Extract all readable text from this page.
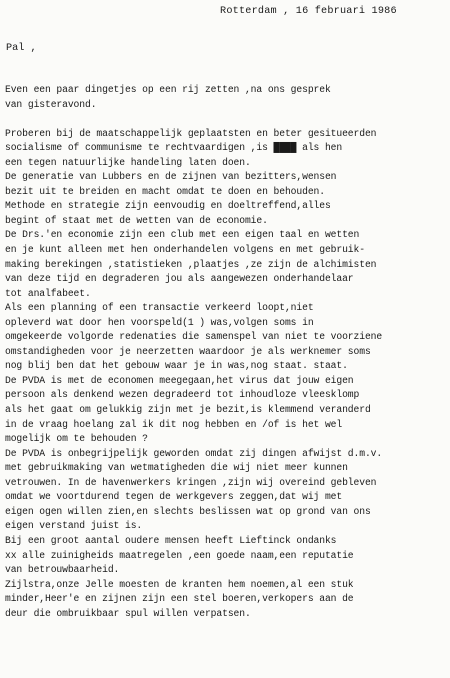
Rotterdam , 16 februari 1986
Pal ,
Even een paar dingetjes op een rij zetten ,na ons gesprek
van gisteravond.
Proberen bij de maatschappelijk geplaatsten en beter gesitueerden
socialisme of communisme te rechtvaardigen ,is ████ als hen
een tegen natuurlijke handeling laten doen.
De generatie van Lubbers en de zijnen van bezitters,wensen
bezit uit te breiden en macht omdat te doen en behouden.
Methode en strategie zijn eenvoudig en doeltreffend,alles
begint of staat met de wetten van de economie.
De Drs.'en economie zijn een club met een eigen taal en wetten
en je kunt alleen met hen onderhandelen volgens en met gebruik-
making berekingen ,statistieken ,plaatjes ,ze zijn de alchimisten
van deze tijd en degraderen jou als aangewezen onderhandelaar
tot analfabeet.
Als een planning of een transactie verkeerd loopt,niet
opleverd wat door hen voorspeld(1 ) was,volgen soms in
omgekeerde volgorde redenaties die samenspel van niet te voorziene
omstandigheden voor je neerzetten waardoor je als werknemer soms
nog blij ben dat het gebouw waar je in was,nog staat. staat.
De PVDA is met de economen meegegaan,het virus dat jouw eigen
persoon als denkend wezen degradeerd tot inhoudloze vleesklomp
als het gaat om gelukkig zijn met je bezit,is klemmend veranderd
in de vraag hoelang zal ik dit nog hebben en /of is het wel
mogelijk om te behouden ?
De PVDA is onbegrijpelijk geworden omdat zij dingen afwijst d.m.v.
met gebruikmaking van wetmatigheden die wij niet meer kunnen
vetrouwen. In de havenwerkers kringen ,zijn wij overeind gebleven
omdat we voortdurend tegen de werkgevers zeggen,dat wij met
eigen ogen willen zien,en slechts beslissen wat op grond van ons
eigen verstand juist is.
Bij een groot aantal oudere mensen heeft Lieftinck ondanks
xx alle zuinigheids maatregelen ,een goede naam,een reputatie
van betrouwbaarheid.
Zijlstra,onze Jelle moesten de kranten hem noemen,al een stuk
minder,Heer'e en zijnen zijn een stel boeren,verkopers aan de
deur die ombruikbaar spul willen verpatsen.
